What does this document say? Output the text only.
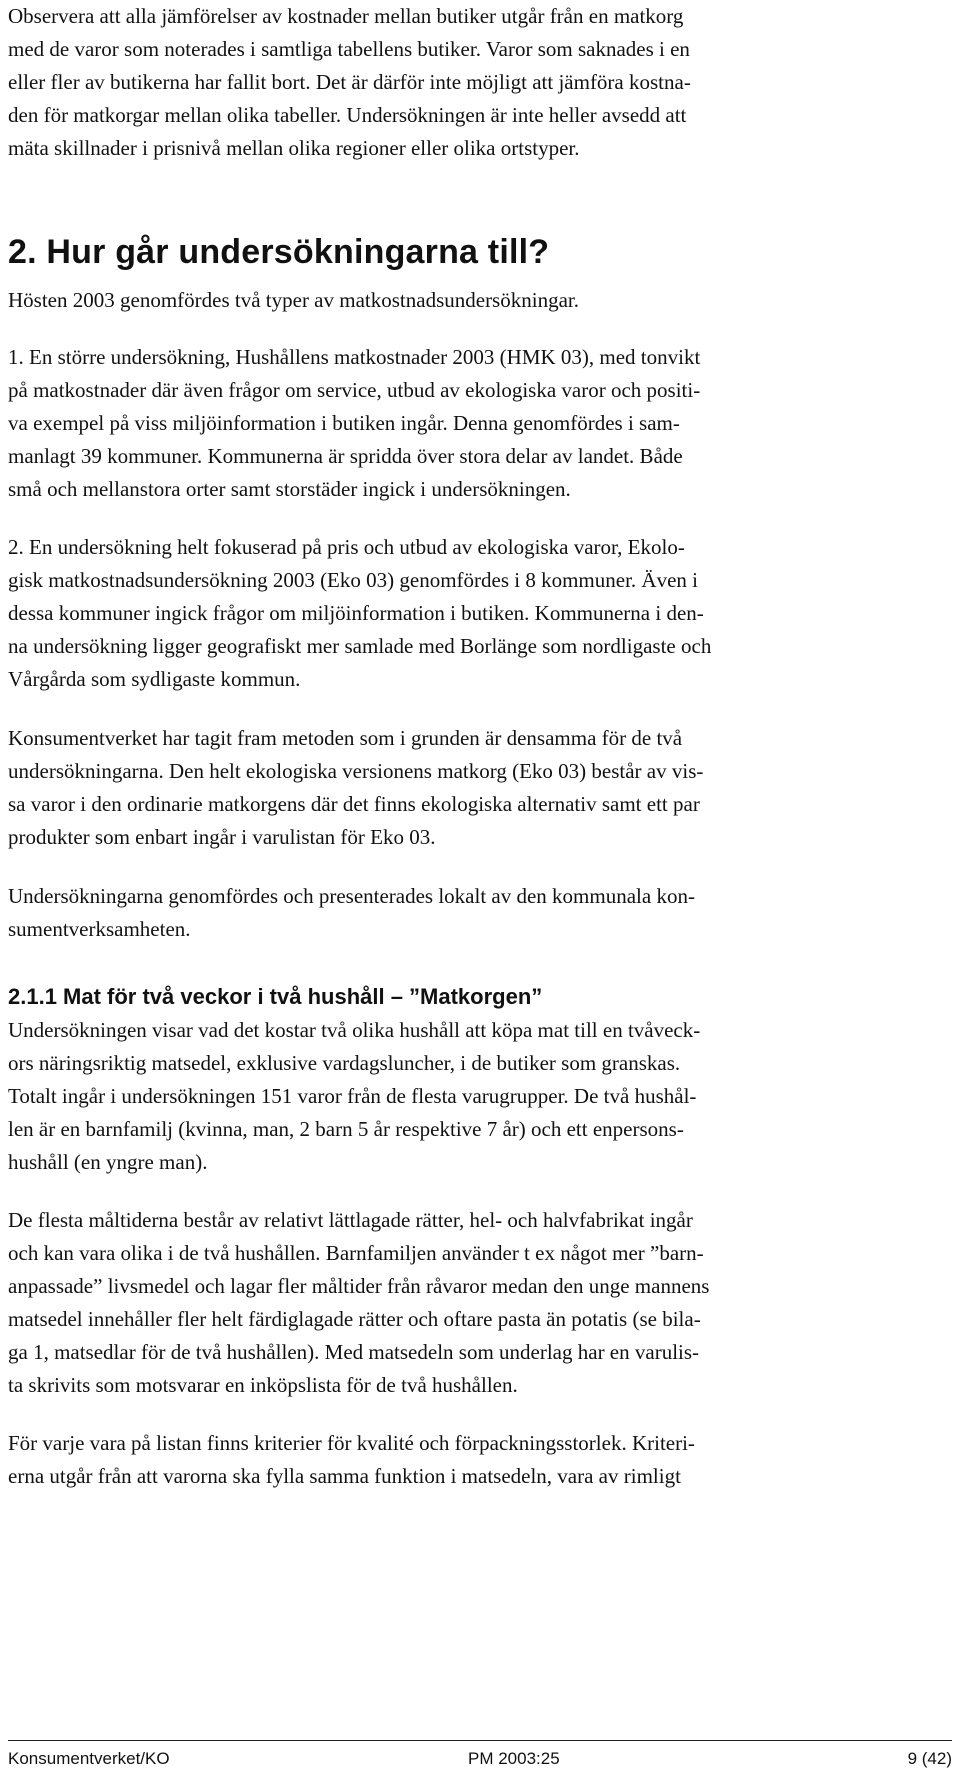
Observera att alla jämförelser av kostnader mellan butiker utgår från en matkorg
med de varor som noterades i samtliga tabellens butiker. Varor som saknades i en
eller fler av butikerna har fallit bort. Det är därför inte möjligt att jämföra kostna-
den för matkorgar mellan olika tabeller. Undersökningen är inte heller avsedd att
mäta skillnader i prisnivå mellan olika regioner eller olika ortstyper.

2. Hur går undersökningarna till?

Hösten 2003 genomfördes två typer av matkostnadsundersökningar.

1. En större undersökning, Hushållens matkostnader 2003 (HMK 03), med tonvikt
på matkostnader där även frågor om service, utbud av ekologiska varor och positi-
va exempel på viss miljöinformation i butiken ingår. Denna genomfördes i sam-
manlagt 39 kommuner. Kommunerna är spridda över stora delar av landet. Både
små och mellanstora orter samt storstäder ingick i undersökningen.

2. En undersökning helt fokuserad på pris och utbud av ekologiska varor, Ekolo-
gisk matkostnadsundersökning 2003 (Eko 03) genomfördes i 8 kommuner. Även i
dessa kommuner ingick frågor om miljöinformation i butiken. Kommunerna i den-
na undersökning ligger geografiskt mer samlade med Borlänge som nordligaste och
Vårgårda som sydligaste kommun.

Konsumentverket har tagit fram metoden som i grunden är densamma för de två
undersökningarna. Den helt ekologiska versionens matkorg (Eko 03) består av vis-
sa varor i den ordinarie matkorgens där det finns ekologiska alternativ samt ett par
produkter som enbart ingår i varulistan för Eko 03.

Undersökningarna genomfördes och presenterades lokalt av den kommunala kon-
sumentverksamheten.

2.1.1 Mat för två veckor i två hushåll – ”Matkorgen”

Undersökningen visar vad det kostar två olika hushåll att köpa mat till en tvåveck-
ors näringsriktig matsedel, exklusive vardagsluncher, i de butiker som granskas.
Totalt ingår i undersökningen 151 varor från de flesta varugrupper. De två hushål-
len är en barnfamilj (kvinna, man, 2 barn 5 år respektive 7 år) och ett enpersons-
hushåll (en yngre man).

De flesta måltiderna består av relativt lättlagade rätter, hel- och halvfabrikat ingår
och kan vara olika i de två hushållen. Barnfamiljen använder t ex något mer ”barn-
anpassade” livsmedel och lagar fler måltider från råvaror medan den unge mannens
matsedel innehåller fler helt färdiglagade rätter och oftare pasta än potatis (se bila-
ga 1, matsedlar för de två hushållen). Med matsedeln som underlag har en varulis-
ta skrivits som motsvarar en inköpslista för de två hushållen.

För varje vara på listan finns kriterier för kvalité och förpackningsstorlek. Kriteri-
erna utgår från att varorna ska fylla samma funktion i matsedeln, vara av rimligt

Konsumentverket/KO	PM 2003:25	9 (42)
